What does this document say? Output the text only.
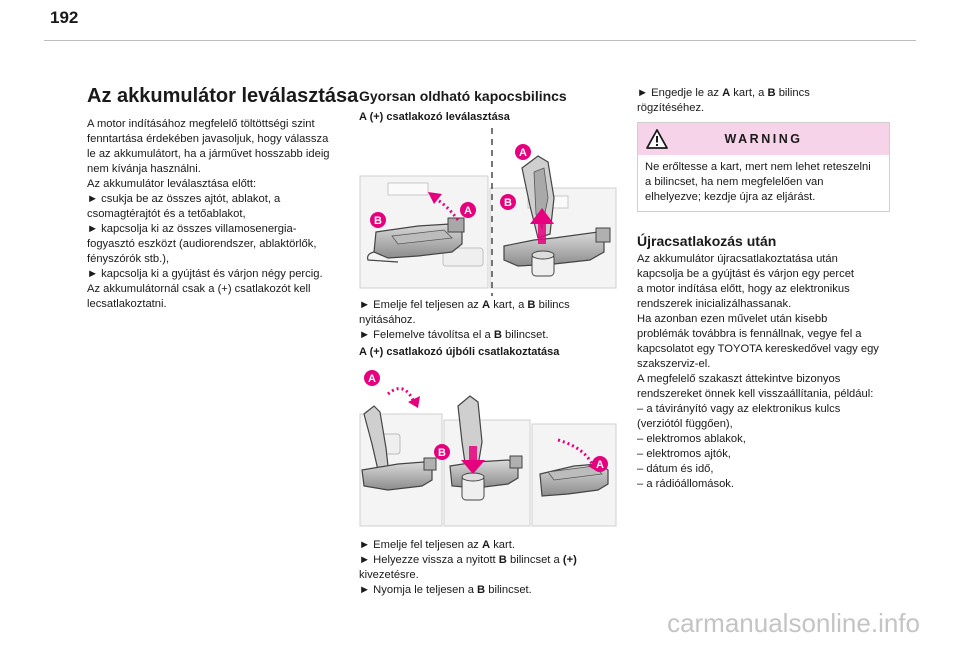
192
Az akkumulátor leválasztása
A motor indításához megfelelő töltöttségi szint
fenntartása érdekében javasoljuk, hogy válassza
le az akkumulátort, ha a járművet hosszabb ideig
nem kívánja használni.
Az akkumulátor leválasztása előtt:
► csukja be az összes ajtót, ablakot, a
csomagtérajtót és a tetőablakot,
► kapcsolja ki az összes villamosenergia-
fogyasztó eszközt (audiorendszer, ablaktörlők,
fényszórók stb.),
► kapcsolja ki a gyújtást és várjon négy percig.
Az akkumulátornál csak a (+) csatlakozót kell
lecsatlakoztatni.
Gyorsan oldható kapocsbilincs
A (+) csatlakozó leválasztása
A
B
B
A
► Emelje fel teljesen az A kart, a B bilincs
nyitásához.
► Felemelve távolítsa el a B bilincset.
A (+) csatlakozó újbóli csatlakoztatása
A
B
A
► Emelje fel teljesen az A kart.
► Helyezze vissza a nyitott B bilincset a (+)
kivezetésre.
► Nyomja le teljesen a B bilincset.
► Engedje le az A kart, a B bilincs
rögzítéséhez.
WARNING
Ne erőltesse a kart, mert nem lehet reteszelni
a bilincset, ha nem megfelelően van
elhelyezve; kezdje újra az eljárást.
Újracsatlakozás után
Az akkumulátor újracsatlakoztatása után
kapcsolja be a gyújtást és várjon egy percet
a motor indítása előtt, hogy az elektronikus
rendszerek inicializálhassanak.
Ha azonban ezen művelet után kisebb
problémák továbbra is fennállnak, vegye fel a
kapcsolatot egy TOYOTA kereskedővel vagy egy
szakszerviz-el.
A megfelelő szakaszt áttekintve bizonyos
rendszereket önnek kell visszaállítania, például:
– a távirányító vagy az elektronikus kulcs
(verziótól függően),
– elektromos ablakok,
– elektromos ajtók,
– dátum és idő,
– a rádióállomások.
carmanualsonline.info
